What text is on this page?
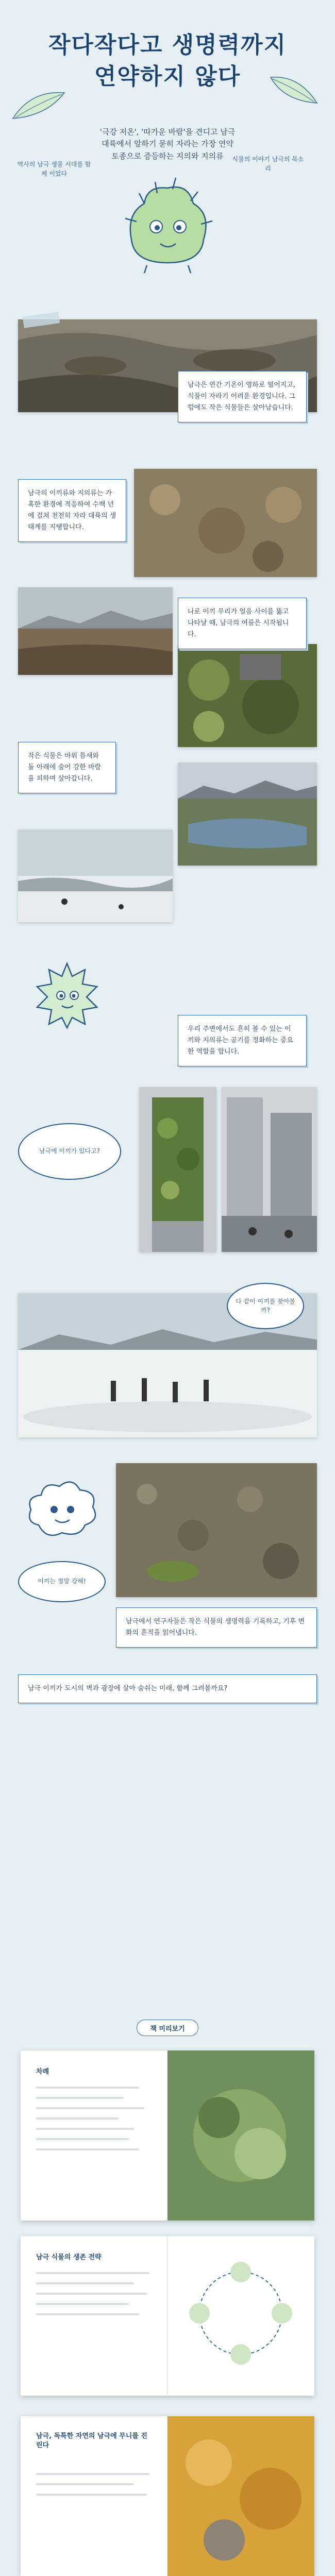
작다작다고 생명력까지
연약하지 않다

'극강 저온', '따가운 바람'을 견디고 남극 대륙에서 앞하기 묻히 자라는 가장 연약 토종으로 증등하는 지의와 지의류

역사의 남극 생물 시대를 함께 이었다

식물의 이야기 남극의 목소리

남극은 연간 기온이 영하로 떨어지고, 식물이 자라기 어려운 환경입니다. 그럼에도 작은 식물들은 살아남습니다.

남극의 이끼류와 지의류는 가혹한 환경에 적응하여 수백 년에 걸쳐 천천히 자라 대륙의 생태계를 지탱합니다.

나로 이끼 무리가 얼음 사이를 뚫고 나타날 때, 남극의 여름은 시작됩니다.

작은 식물은 바위 틈새와 돌 아래에 숨어 강한 바람을 피하며 살아갑니다.

우리 주변에서도 흔히 볼 수 있는 이끼와 지의류는 공기를 정화하는 중요한 역할을 합니다.

남극에 이끼가 있다고?
다 같이 이끼를 찾아볼까?
이끼는 정말 강해!

남극에서 연구자들은 작은 식물의 생명력을 기록하고, 기후 변화의 흔적을 읽어냅니다.

남극 이끼가 도시의 벽과 광장에 살아 숨쉬는 미래, 함께 그려볼까요?

책 미리보기
차례
남극 식물의 생존 전략
남극, 독특한 자연의 남극에 무니를 진린다
